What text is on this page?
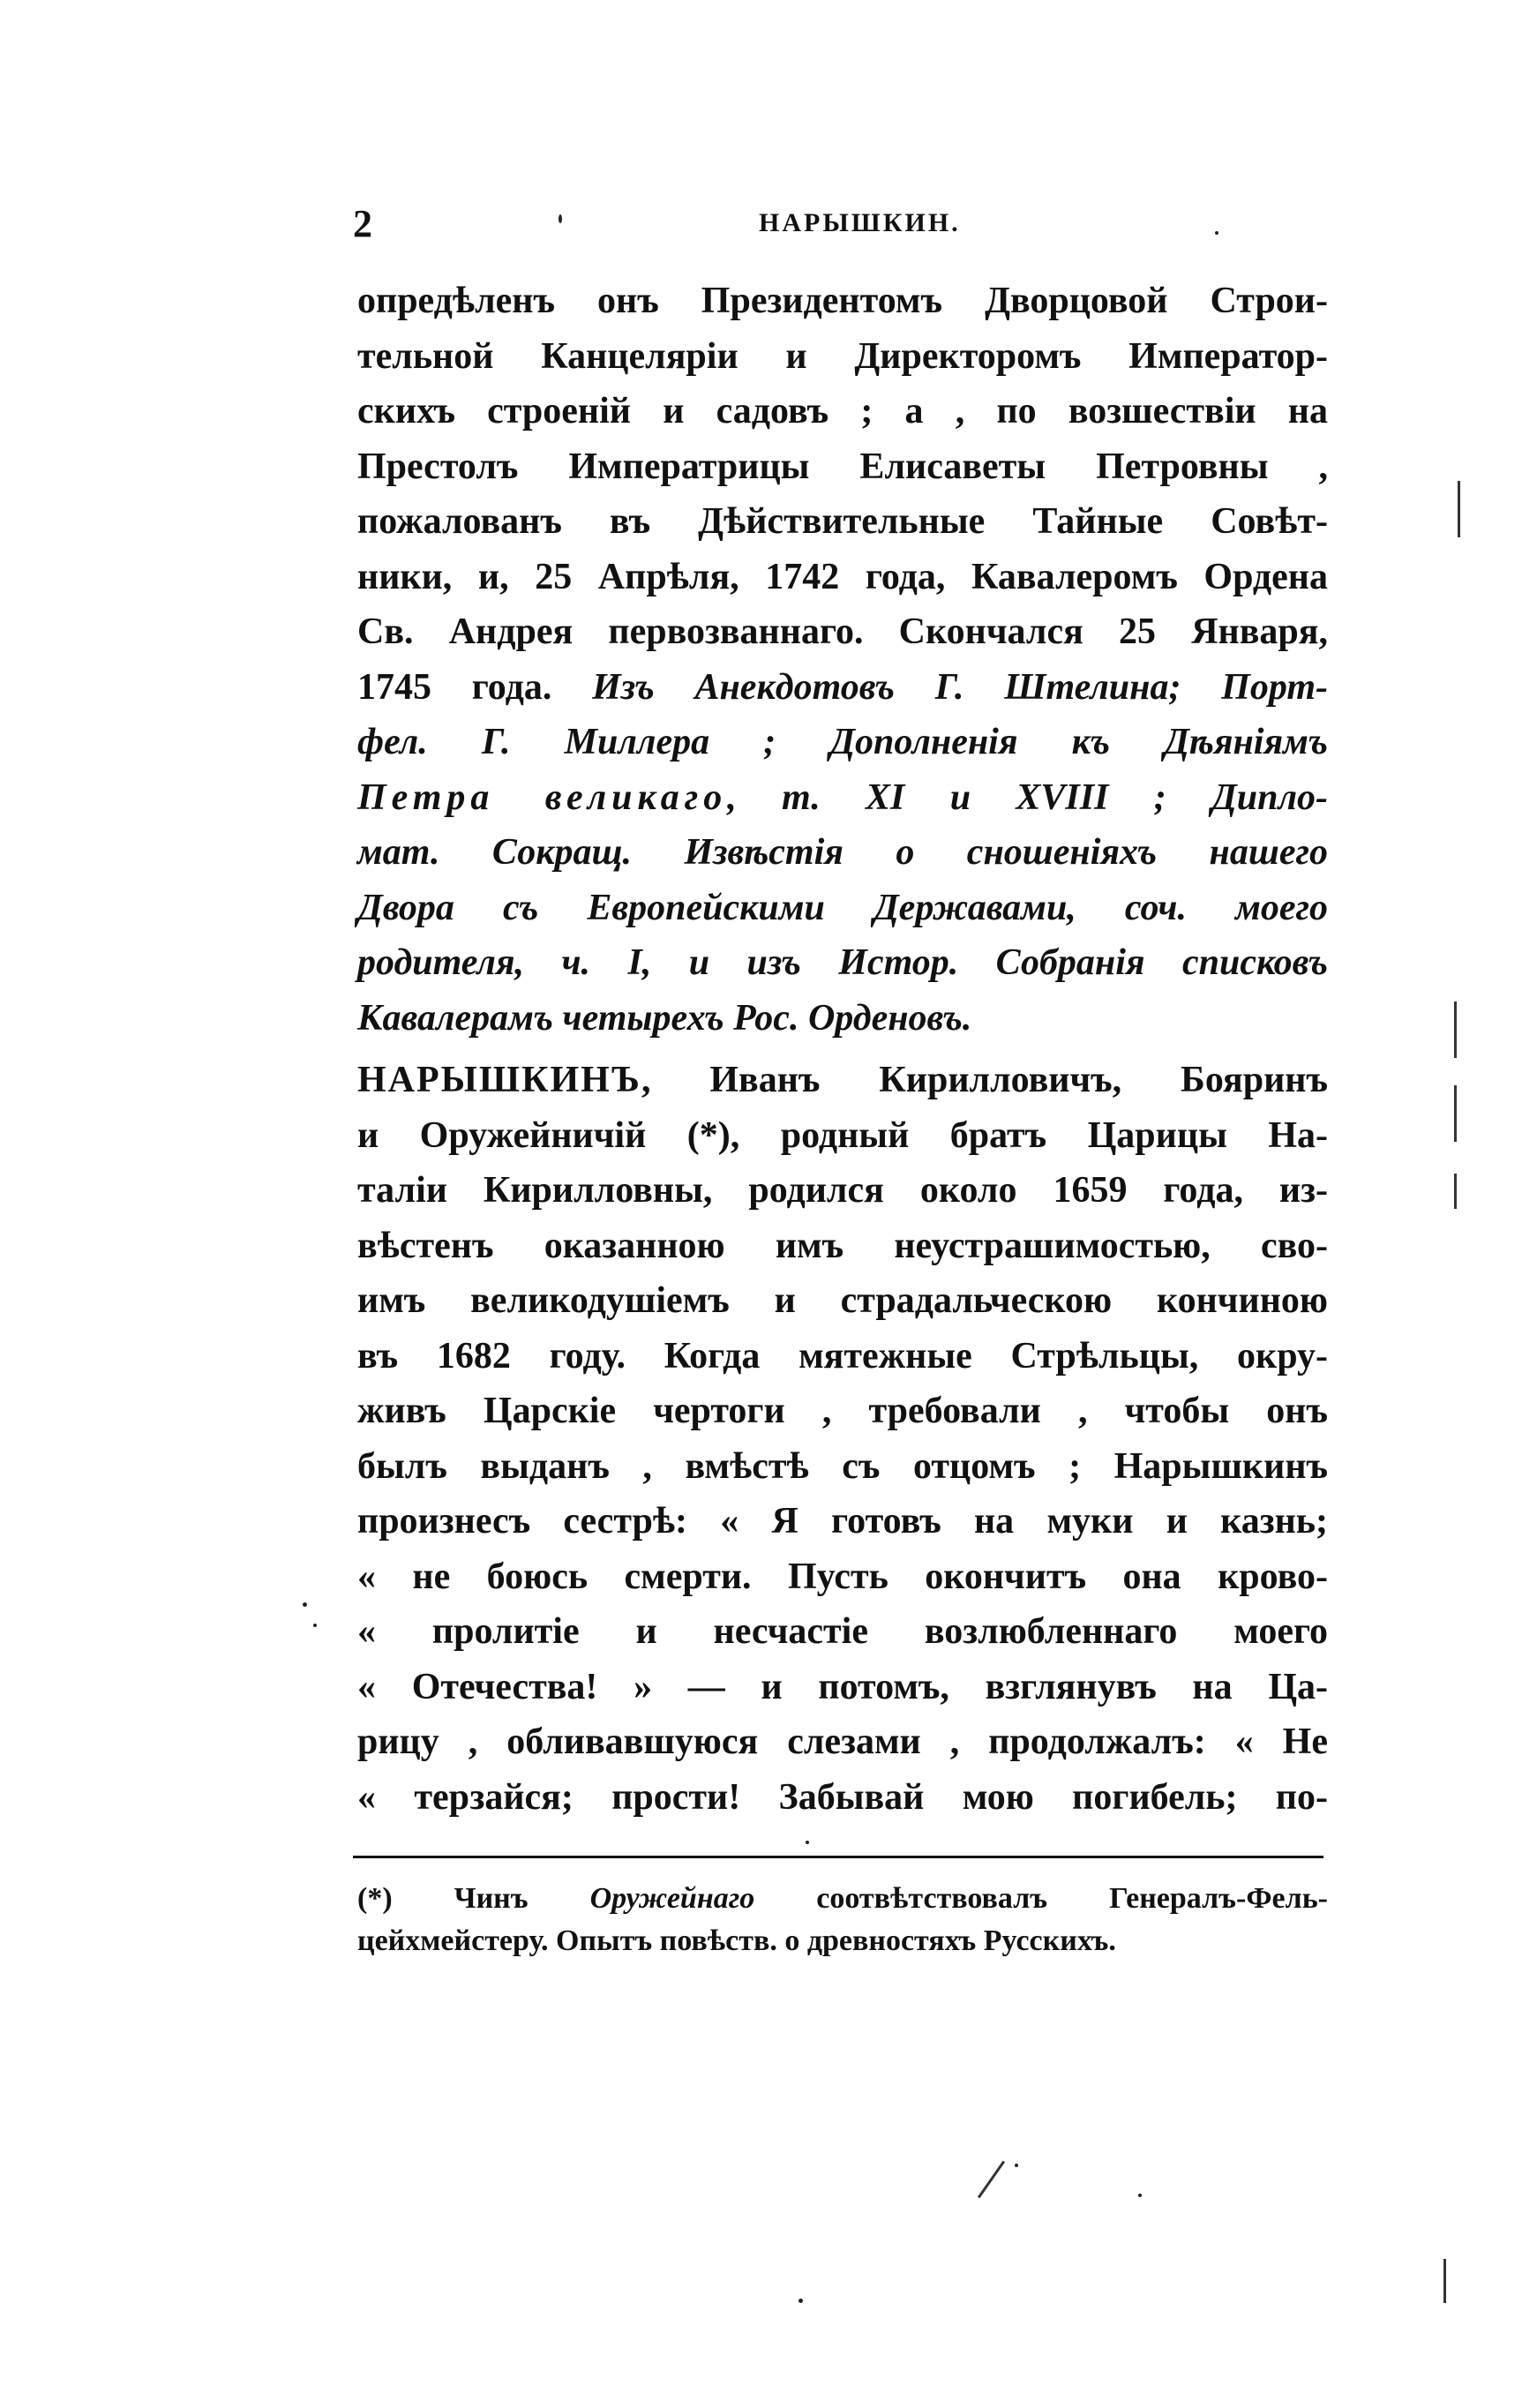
2	НАРЫШКИН.
опредѣленъ онъ Президентомъ Дворцовой Строи-
тельной Канцеляріи и Директоромъ Император-
скихъ строеній и садовъ ; а , по возшествіи на
Престолъ Императрицы Елисаветы Петровны ,
пожалованъ въ Дѣйствительные Тайные Совѣт-
ники, и, 25 Апрѣля, 1742 года, Кавалеромъ Ордена
Св. Андрея первозваннаго. Скончался 25 Января,
1745 года. Изъ Анекдотовъ Г. Штелина; Порт-
фел. Г. Миллера ; Дополненія къ Дѣяніямъ
Петра великаго, т. XI и XVIII ; Дипло-
мат. Сокращ. Извѣстія о сношеніяхъ нашего
Двора съ Европейскими Державами, соч. моего
родителя, ч. I, и изъ Истор. Собранія списковъ
Кавалерамъ четырехъ Рос. Орденовъ.
НАРЫШКИНЪ, Иванъ Кирилловичъ, Бояринъ
и Оружейничій (*), родный братъ Царицы На-
таліи Кирилловны, родился около 1659 года, из-
вѣстенъ оказанною имъ неустрашимостью, сво-
имъ великодушіемъ и страдальческою кончиною
въ 1682 году. Когда мятежные Стрѣльцы, окру-
живъ Царскіе чертоги , требовали , чтобы онъ
былъ выданъ , вмѣстѣ съ отцомъ ; Нарышкинъ
произнесъ сестрѣ: « Я готовъ на муки и казнь;
« не боюсь смерти. Пусть окончитъ она крово-
« пролитіе и несчастіе возлюбленнаго моего
« Отечества! » — и потомъ, взглянувъ на Ца-
рицу , обливавшуюся слезами , продолжалъ: « Не
« терзайся; прости! Забывай мою погибель; по-
(*) Чинъ Оружейнаго соотвѣтствовалъ Генералъ-Фель-
цейхмейстеру. Опытъ повѣств. о древностяхъ Русскихъ.
